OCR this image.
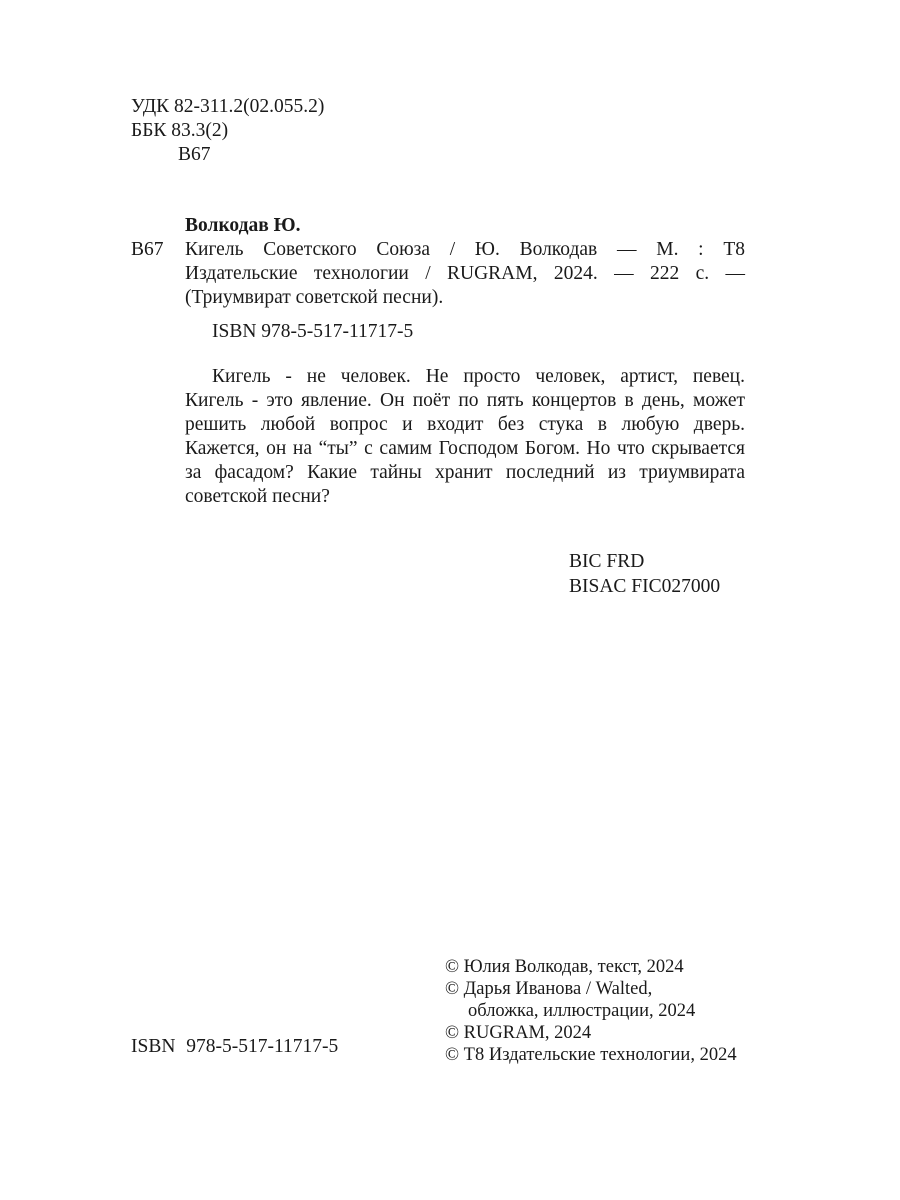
УДК 82-311.2(02.055.2)
ББК 83.3(2)
В67
Волкодав Ю.
В67 Кигель Советского Союза / Ю. Волкодав — М. : Т8
Издательские технологии / RUGRAM, 2024. — 222 с. —
(Триумвират советской песни).
ISBN 978-5-517-11717-5
Кигель - не человек. Не просто человек, артист, певец.
Кигель - это явление. Он поёт по пять концертов в день, может
решить любой вопрос и входит без стука в любую дверь.
Кажется, он на “ты” с самим Господом Богом. Но что скрывается
за фасадом? Какие тайны хранит последний из триумвирата
советской песни?
BIC FRD
BISAC FIC027000
ISBN 978-5-517-11717-5
© Юлия Волкодав, текст, 2024
© Дарья Иванова / Walted,
обложка, иллюстрации, 2024
© RUGRAM, 2024
© Т8 Издательские технологии, 2024
